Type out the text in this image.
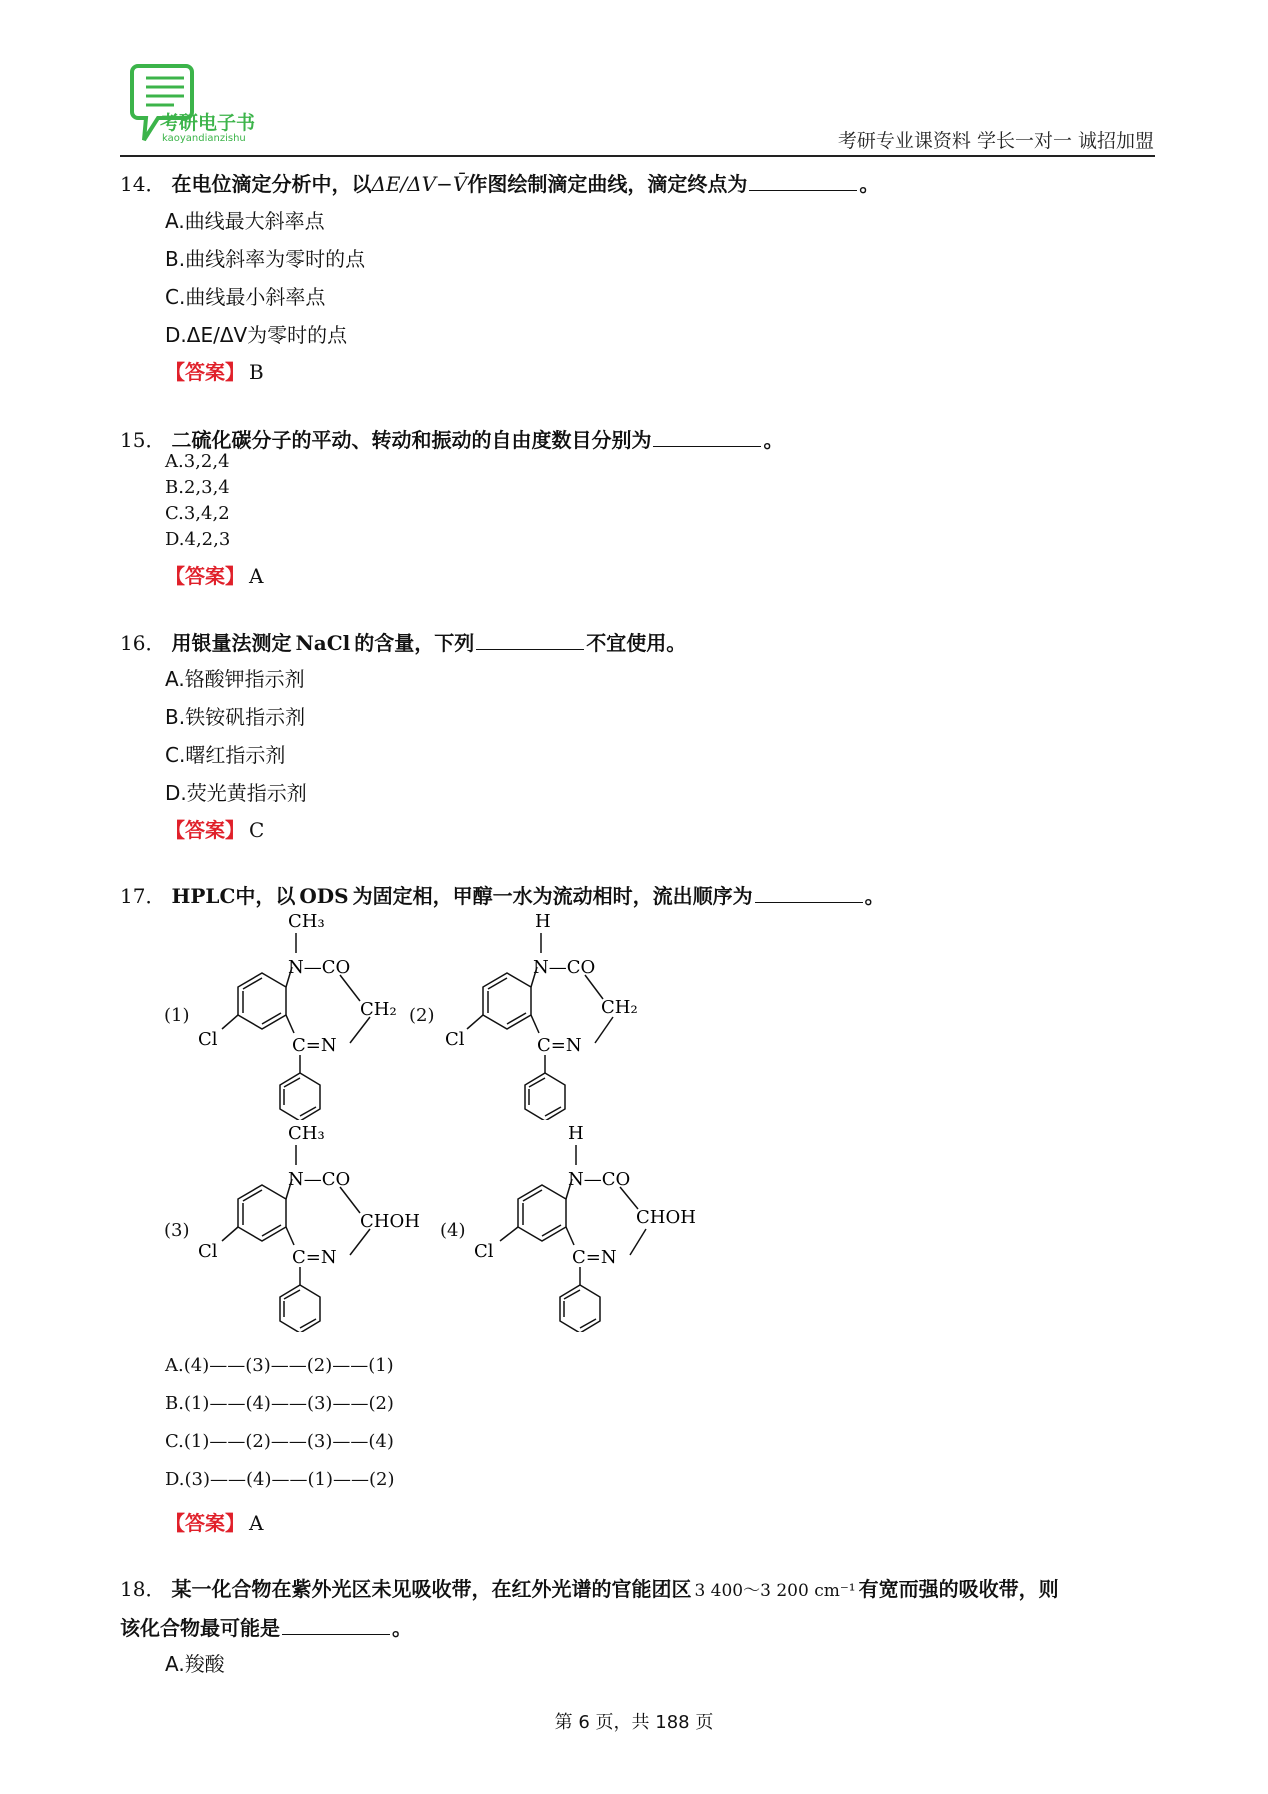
考研电子书
kaoyandianzishu	考研专业课资料 学长一对一 诚招加盟
14． 在电位滴定分析中，以ΔE/ΔV−V̄作图绘制滴定曲线，滴定终点为	。
A.曲线最大斜率点
B.曲线斜率为零时的点
C.曲线最小斜率点
D.ΔE/ΔV为零时的点
【答案】 B
15． 二硫化碳分子的平动、转动和振动的自由度数目分别为	。
A.3,2,4
B.2,3,4
C.3,4,2
D.4,2,3
【答案】 A
16． 用银量法测定 NaCl 的含量，下列	不宜使用。
A.铬酸钾指示剂
B.铁铵矾指示剂
C.曙红指示剂
D.荧光黄指示剂
【答案】 C
17． HPLC中，以 ODS 为固定相，甲醇一水为流动相时，流出顺序为	。
(1)
CH₃
N—CO
CH₂
C=N
Cl
(2)
H
N—CO
CH₂
C=N
Cl
(3)
CH₃
N—CO
CHOH
C=N
Cl
(4)
H
N—CO
CHOH
C=N
Cl
A.(4)——(3)——(2)——(1)
B.(1)——(4)——(3)——(2)
C.(1)——(2)——(3)——(4)
D.(3)——(4)——(1)——(2)
【答案】 A
18． 某一化合物在紫外光区未见吸收带，在红外光谱的官能团区 3 400～3 200 cm⁻¹ 有宽而强的吸收带，则
该化合物最可能是	。
A.羧酸
第 6 页，共 188 页
